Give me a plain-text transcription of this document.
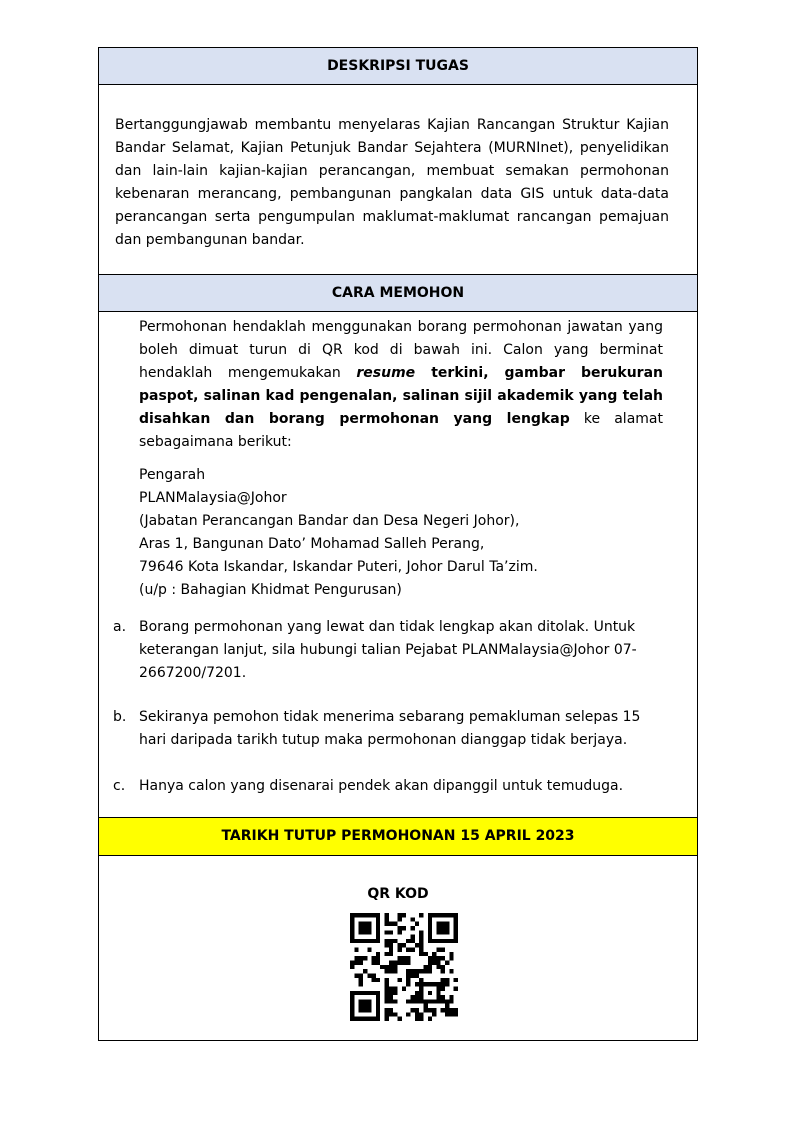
DESKRIPSI TUGAS

Bertanggungjawab membantu menyelaras Kajian Rancangan Struktur Kajian Bandar Selamat, Kajian Petunjuk Bandar Sejahtera (MURNInet), penyelidikan dan lain-lain kajian-kajian perancangan, membuat semakan permohonan kebenaran merancang, pembangunan pangkalan data GIS untuk data-data perancangan serta pengumpulan maklumat-maklumat rancangan pemajuan dan pembangunan bandar.

CARA MEMOHON

Permohonan hendaklah menggunakan borang permohonan jawatan yang boleh dimuat turun di QR kod di bawah ini. Calon yang berminat hendaklah mengemukakan resume terkini, gambar berukuran paspot, salinan kad pengenalan, salinan sijil akademik yang telah disahkan dan borang permohonan yang lengkap ke alamat sebagaimana berikut:

Pengarah
PLANMalaysia@Johor
(Jabatan Perancangan Bandar dan Desa Negeri Johor),
Aras 1, Bangunan Dato’ Mohamad Salleh Perang,
79646 Kota Iskandar, Iskandar Puteri, Johor Darul Ta’zim.
(u/p : Bahagian Khidmat Pengurusan)
a. Borang permohonan yang lewat dan tidak lengkap akan ditolak. Untuk keterangan lanjut, sila hubungi talian Pejabat PLANMalaysia@Johor 07-2667200/7201.
b. Sekiranya pemohon tidak menerima sebarang pemakluman selepas 15 hari daripada tarikh tutup maka permohonan dianggap tidak berjaya.
c. Hanya calon yang disenarai pendek akan dipanggil untuk temuduga.
TARIKH TUTUP PERMOHONAN 15 APRIL 2023
QR KOD
